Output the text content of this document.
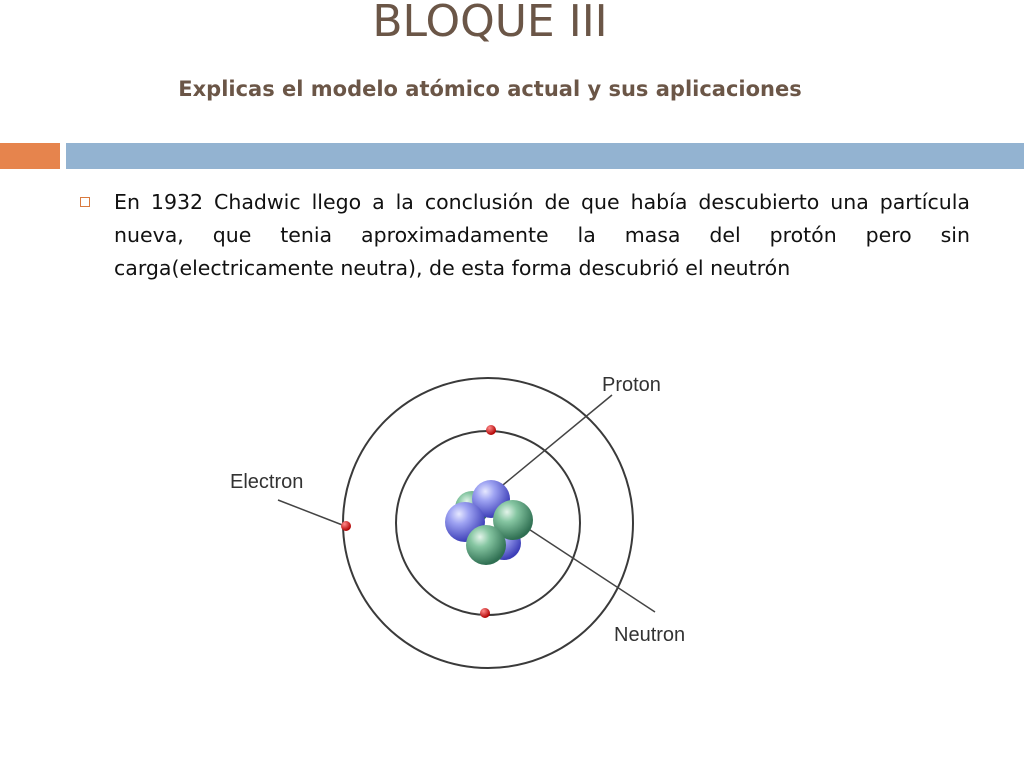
BLOQUE III
Explicas el modelo atómico actual y sus aplicaciones

En 1932 Chadwic llego a la conclusión de que había descubierto una partícula nueva, que tenia aproximadamente la masa del protón pero sin carga(electricamente neutra), de esta forma descubrió el neutrón

Proton
Electron
Neutron
